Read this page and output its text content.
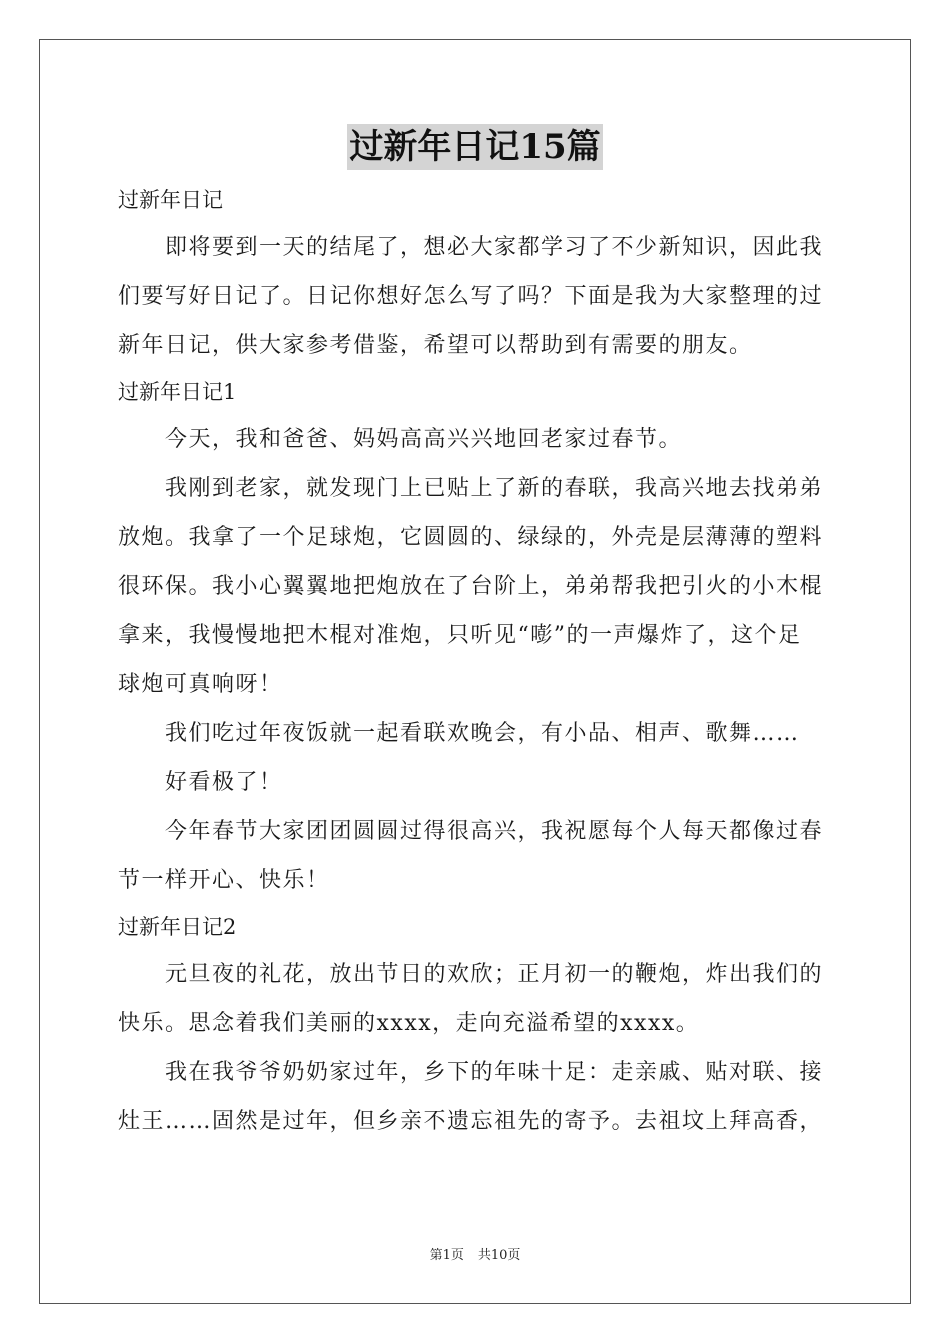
过新年日记15篇

过新年日记

即将要到一天的结尾了，想必大家都学习了不少新知识，因此我

们要写好日记了。日记你想好怎么写了吗？下面是我为大家整理的过

新年日记，供大家参考借鉴，希望可以帮助到有需要的朋友。

过新年日记1

今天，我和爸爸、妈妈高高兴兴地回老家过春节。

我刚到老家，就发现门上已贴上了新的春联，我高兴地去找弟弟

放炮。我拿了一个足球炮，它圆圆的、绿绿的，外壳是层薄薄的塑料

很环保。我小心翼翼地把炮放在了台阶上，弟弟帮我把引火的小木棍

拿来，我慢慢地把木棍对准炮，只听见“嘭”的一声爆炸了，这个足

球炮可真响呀！

我们吃过年夜饭就一起看联欢晚会，有小品、相声、歌舞……

好看极了！

今年春节大家团团圆圆过得很高兴，我祝愿每个人每天都像过春

节一样开心、快乐！

过新年日记2

元旦夜的礼花，放出节日的欢欣；正月初一的鞭炮，炸出我们的

快乐。思念着我们美丽的xxxx，走向充溢希望的xxxx。

我在我爷爷奶奶家过年，乡下的年味十足：走亲戚、贴对联、接

灶王……固然是过年，但乡亲不遗忘祖先的寄予。去祖坟上拜高香，

第1页 共10页
